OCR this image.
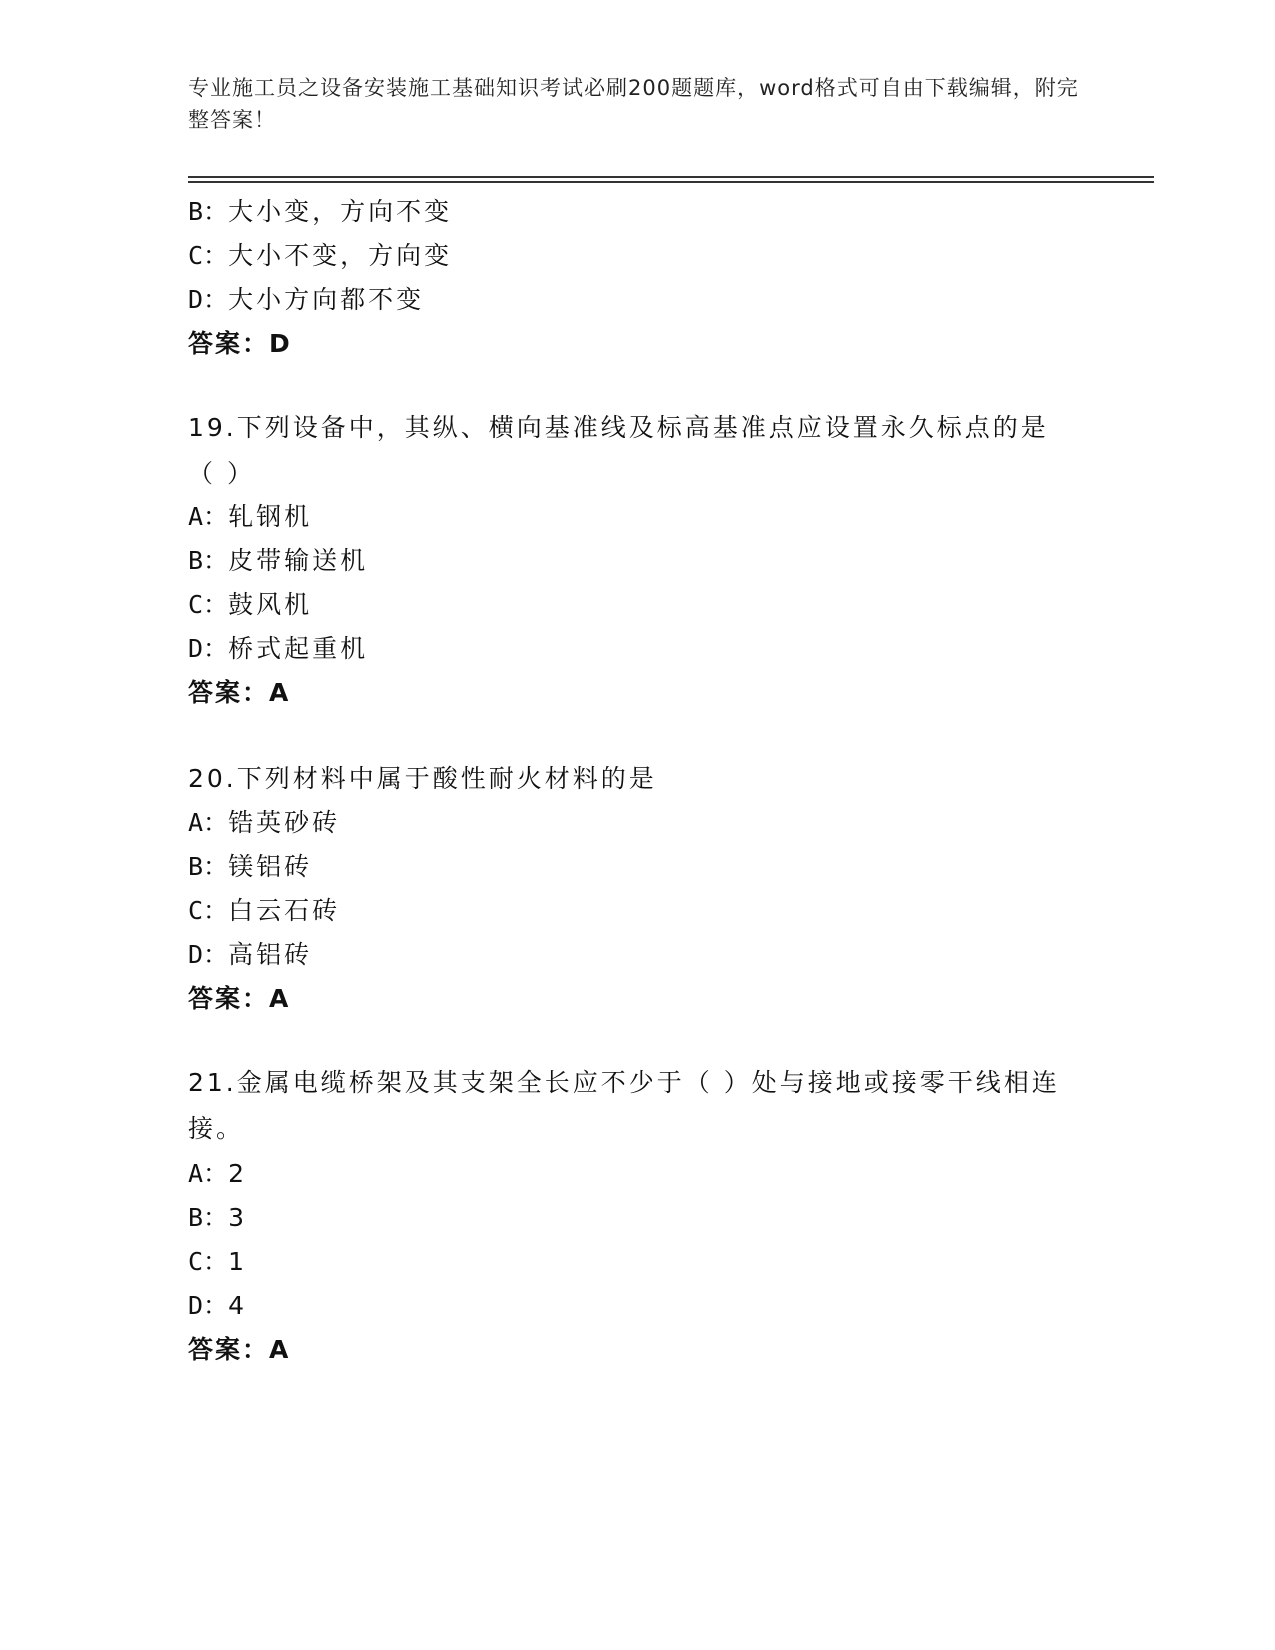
专业施工员之设备安装施工基础知识考试必刷200题题库，word格式可自由下载编辑，附完整答案！
B：大小变，方向不变
C：大小不变，方向变
D：大小方向都不变
答案：D
19.下列设备中，其纵、横向基准线及标高基准点应设置永久标点的是（ ）
A：轧钢机
B：皮带输送机
C：鼓风机
D：桥式起重机
答案：A
20.下列材料中属于酸性耐火材料的是
A：锆英砂砖
B：镁铝砖
C：白云石砖
D：高铝砖
答案：A
21.金属电缆桥架及其支架全长应不少于（ ）处与接地或接零干线相连接。
A：2
B：3
C：1
D：4
答案：A
